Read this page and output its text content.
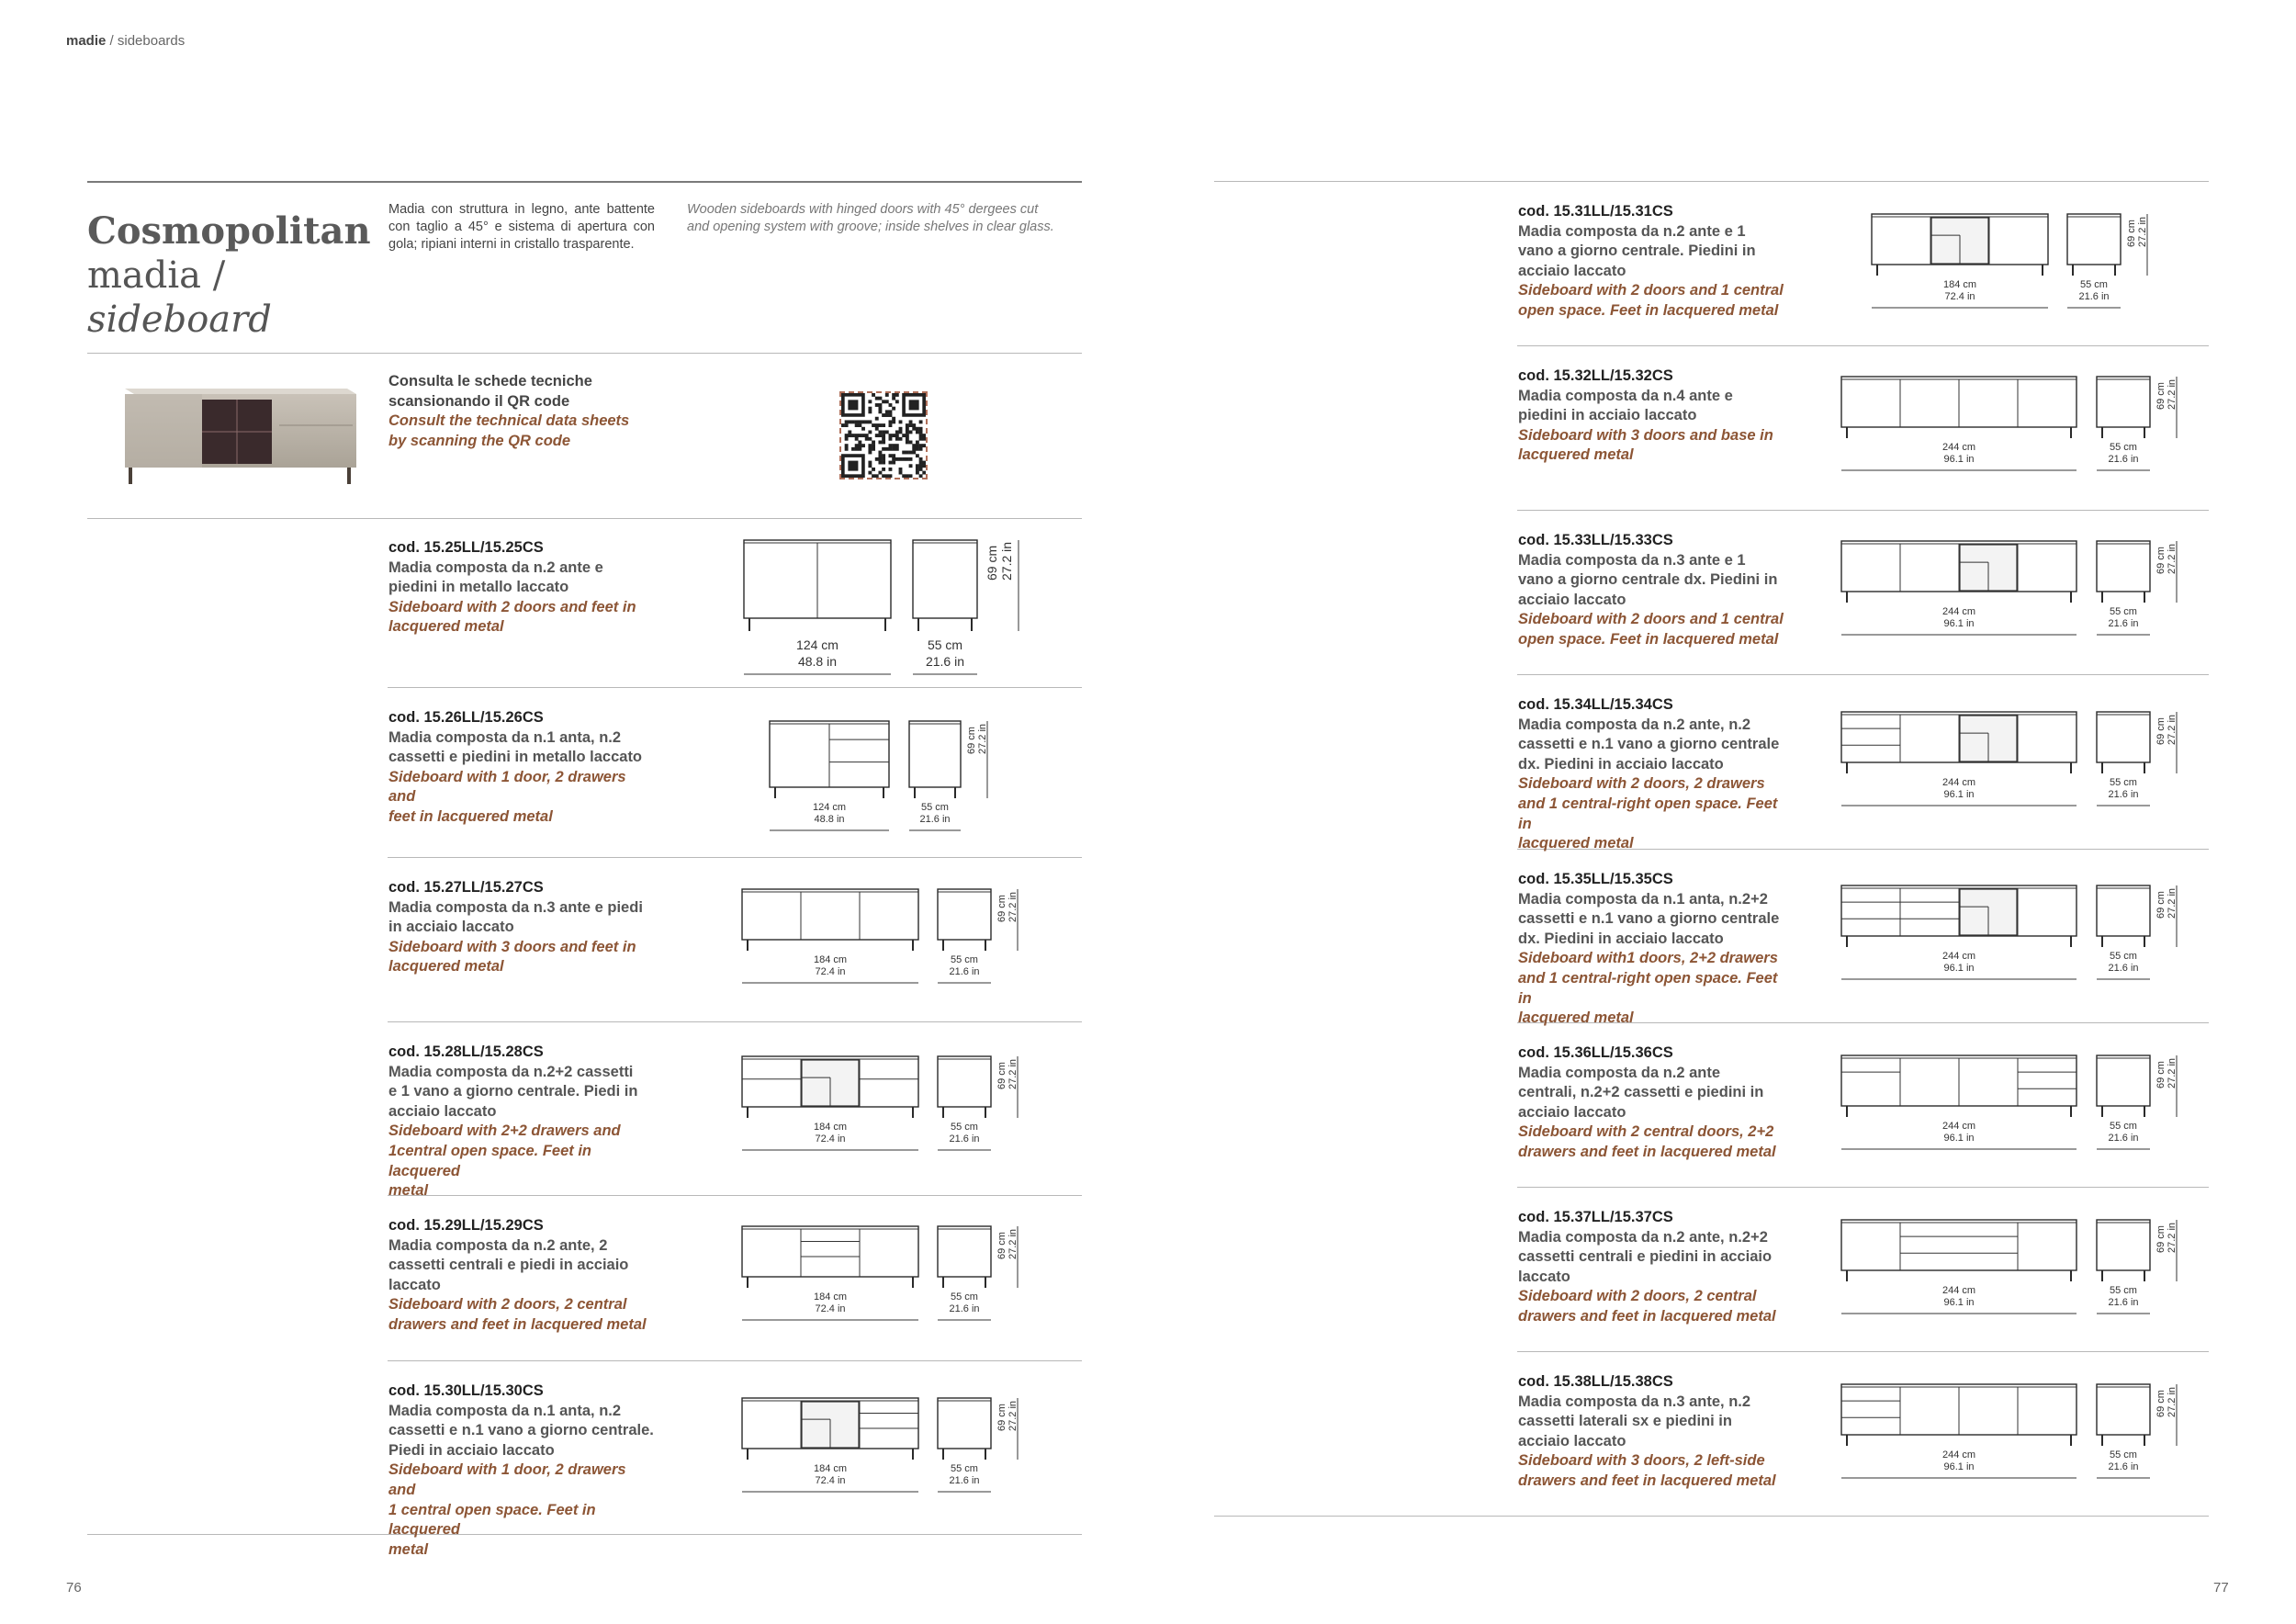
madie / sideboards
Cosmopolitan
madia /
sideboard
Madia con struttura in legno, ante battente con taglio a 45° e sistema di apertura con gola; ripiani interni in cristallo trasparente.
Wooden sideboards with hinged doors with 45° dergees cut and opening system with groove; inside shelves in clear glass.
Consulta le schede tecniche
scansionando il QR code
Consult the technical data sheets
by scanning the QR code
76	77
cod. 15.25LL/15.25CS
Madia composta da n.2 ante e
piedini in metallo laccato
Sideboard with 2 doors and feet in
lacquered metal
124 cm
48.8 in
55 cm
21.6 in
69 cm 27.2 in
cod. 15.26LL/15.26CS
Madia composta da n.1 anta, n.2
cassetti e piedini in metallo laccato
Sideboard with 1 door, 2 drawers and
feet in lacquered metal
124 cm
48.8 in
55 cm
21.6 in
69 cm 27.2 in
cod. 15.27LL/15.27CS
Madia composta da n.3 ante e piedi
in acciaio laccato
Sideboard with 3 doors and feet in
lacquered metal	184 cm
72.4 in
55 cm
21.6 in
69 cm 27.2 in
cod. 15.28LL/15.28CS
Madia composta da n.2+2 cassetti
e 1 vano a giorno centrale. Piedi in
acciaio laccato
Sideboard with 2+2 drawers and
1central open space. Feet in lacquered
metal
184 cm
72.4 in
55 cm
21.6 in
69 cm 27.2 in
cod. 15.29LL/15.29CS
Madia composta da n.2 ante, 2
cassetti centrali e piedi in acciaio
laccato
Sideboard with 2 doors, 2 central
drawers and feet in lacquered metal
184 cm
72.4 in
55 cm
21.6 in
69 cm 27.2 in
cod. 15.30LL/15.30CS
Madia composta da n.1 anta, n.2
cassetti e n.1 vano a giorno centrale.
Piedi in acciaio laccato
Sideboard with 1 door, 2 drawers and
1 central open space. Feet in lacquered
metal
184 cm
72.4 in
55 cm
21.6 in
69 cm 27.2 in
cod. 15.31LL/15.31CS
Madia composta da n.2 ante e 1
vano a giorno centrale. Piedini in
acciaio laccato
Sideboard with 2 doors and 1 central
open space. Feet in lacquered metal
184 cm
72.4 in
55 cm
21.6 in
69 cm 27.2 in
cod. 15.32LL/15.32CS
Madia composta da n.4 ante e
piedini in acciaio laccato
Sideboard with 3 doors and base in
lacquered metal	244 cm
96.1 in
55 cm
21.6 in
69 cm 27.2 in
cod. 15.33LL/15.33CS
Madia composta da n.3 ante e 1
vano a giorno centrale dx. Piedini in
acciaio laccato
Sideboard with 2 doors and 1 central
open space. Feet in lacquered metal
244 cm
96.1 in
55 cm
21.6 in
69 cm 27.2 in
cod. 15.34LL/15.34CS
Madia composta da n.2 ante, n.2
cassetti e n.1 vano a giorno centrale
dx. Piedini in acciaio laccato
Sideboard with 2 doors, 2 drawers
and 1 central-right open space. Feet in
lacquered metal
244 cm
96.1 in
55 cm
21.6 in
69 cm 27.2 in
cod. 15.35LL/15.35CS
Madia composta da n.1 anta, n.2+2
cassetti e n.1 vano a giorno centrale
dx. Piedini in acciaio laccato
Sideboard with1 doors, 2+2 drawers
and 1 central-right open space. Feet in
lacquered metal
244 cm
96.1 in
55 cm
21.6 in
69 cm 27.2 in
cod. 15.36LL/15.36CS
Madia composta da n.2 ante
centrali, n.2+2 cassetti e piedini in
acciaio laccato
Sideboard with 2 central doors, 2+2
drawers and feet in lacquered metal
244 cm
96.1 in
55 cm
21.6 in
69 cm 27.2 in
cod. 15.37LL/15.37CS
Madia composta da n.2 ante, n.2+2
cassetti centrali e piedini in acciaio
laccato
Sideboard with 2 doors, 2 central
drawers and feet in lacquered metal
244 cm
96.1 in
55 cm
21.6 in
69 cm 27.2 in
cod. 15.38LL/15.38CS
Madia composta da n.3 ante, n.2
cassetti laterali sx e piedini in
acciaio laccato
Sideboard with 3 doors, 2 left-side
drawers and feet in lacquered metal
244 cm
96.1 in
55 cm
21.6 in
69 cm 27.2 in
